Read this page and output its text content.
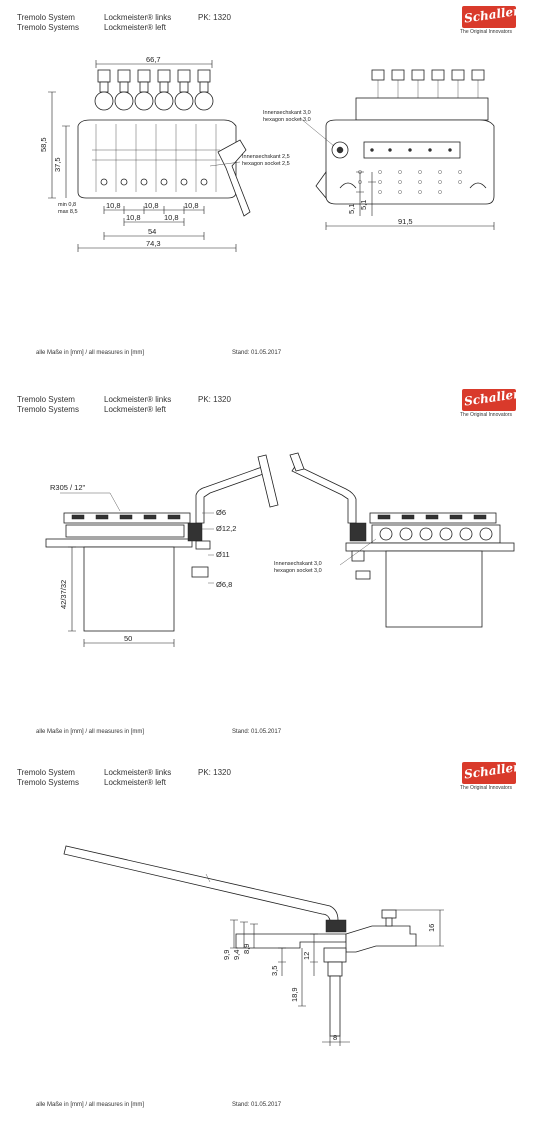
Tremolo System
Tremolo Systems
Lockmeister® links
Lockmeister® left
PK: 1320	Schaller
The Original Innovators
66,7
58,5
37,5
min 0,8
max 8,5
10,8	10,8	10,8
10,8	10,8
54
74,3
Innensechskant 2,5
hexagon socket 2,5
Innensechskant 3,0
hexagon socket 3,0
5,1 5,1
91,5
alle Maße in [mm] / all measures in [mm]	Stand: 01.05.2017
Tremolo System
Tremolo Systems
Lockmeister® links
Lockmeister® left
PK: 1320	Schaller
The Original Innovators
R305 / 12"
Ø6
Ø12,2
Ø11
Ø6,8
42/37/32
50
Innensechskant 3,0
hexagon socket 3,0
alle Maße in [mm] / all measures in [mm]	Stand: 01.05.2017
Tremolo System
Tremolo Systems
Lockmeister® links
Lockmeister® left
PK: 1320	Schaller
The Original Innovators
9,9 9,4
8,9
3,5
12
18,9
8
16
alle Maße in [mm] / all measures in [mm]	Stand: 01.05.2017
